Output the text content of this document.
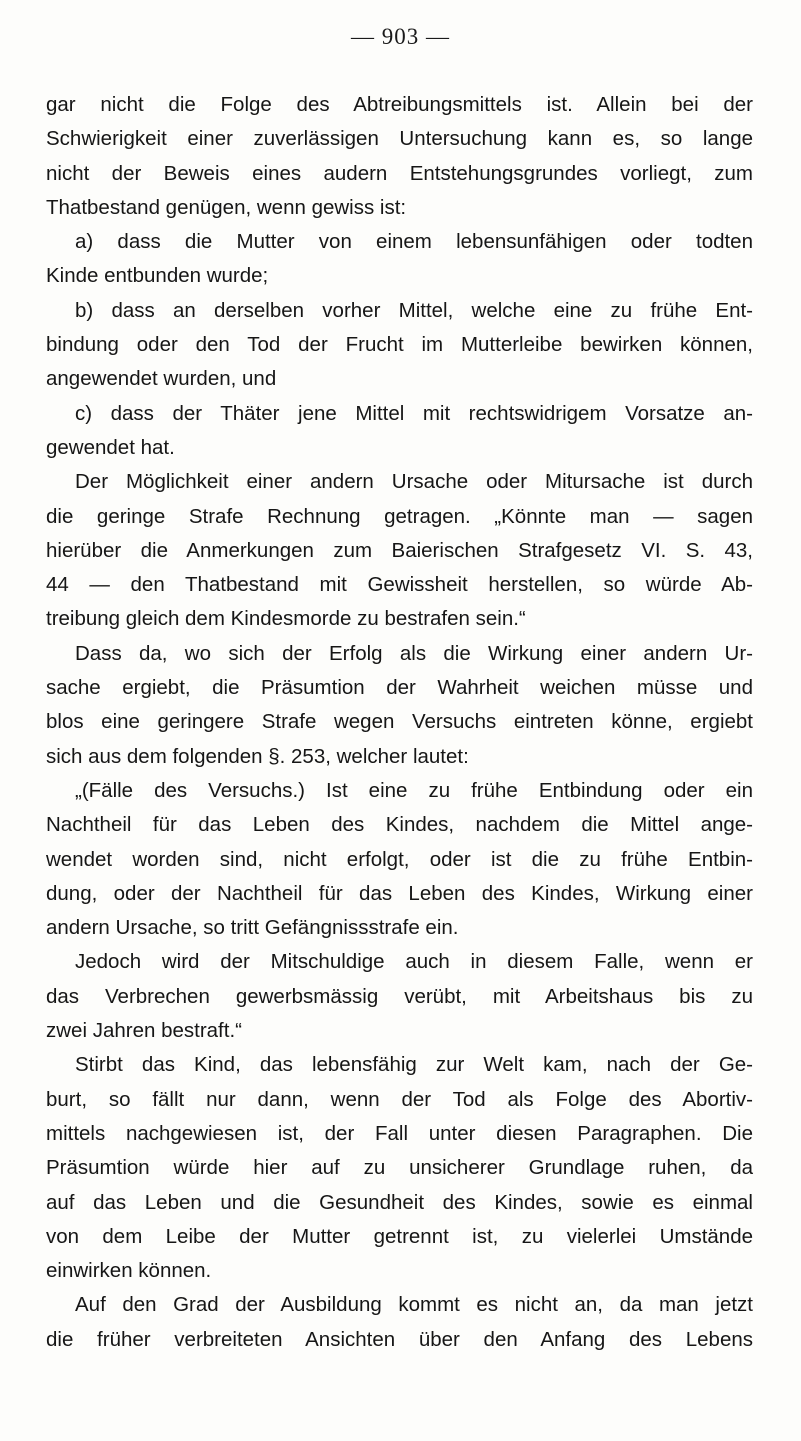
— 903 —
gar nicht die Folge des Abtreibungsmittels ist. Allein bei der
Schwierigkeit einer zuverlässigen Untersuchung kann es, so lange
nicht der Beweis eines audern Entstehungsgrundes vorliegt, zum
Thatbestand genügen, wenn gewiss ist:
a) dass die Mutter von einem lebensunfähigen oder todten
Kinde entbunden wurde;
b) dass an derselben vorher Mittel, welche eine zu frühe Ent-
bindung oder den Tod der Frucht im Mutterleibe bewirken können,
angewendet wurden, und
c) dass der Thäter jene Mittel mit rechtswidrigem Vorsatze an-
gewendet hat.
Der Möglichkeit einer andern Ursache oder Mitursache ist durch
die geringe Strafe Rechnung getragen. „Könnte man — sagen
hierüber die Anmerkungen zum Baierischen Strafgesetz VI. S. 43,
44 — den Thatbestand mit Gewissheit herstellen, so würde Ab-
treibung gleich dem Kindesmorde zu bestrafen sein.“
Dass da, wo sich der Erfolg als die Wirkung einer andern Ur-
sache ergiebt, die Präsumtion der Wahrheit weichen müsse und
blos eine geringere Strafe wegen Versuchs eintreten könne, ergiebt
sich aus dem folgenden §. 253, welcher lautet:
„(Fälle des Versuchs.) Ist eine zu frühe Entbindung oder ein
Nachtheil für das Leben des Kindes, nachdem die Mittel ange-
wendet worden sind, nicht erfolgt, oder ist die zu frühe Entbin-
dung, oder der Nachtheil für das Leben des Kindes, Wirkung einer
andern Ursache, so tritt Gefängnissstrafe ein.
Jedoch wird der Mitschuldige auch in diesem Falle, wenn er
das Verbrechen gewerbsmässig verübt, mit Arbeitshaus bis zu
zwei Jahren bestraft.“
Stirbt das Kind, das lebensfähig zur Welt kam, nach der Ge-
burt, so fällt nur dann, wenn der Tod als Folge des Abortiv-
mittels nachgewiesen ist, der Fall unter diesen Paragraphen. Die
Präsumtion würde hier auf zu unsicherer Grundlage ruhen, da
auf das Leben und die Gesundheit des Kindes, sowie es einmal
von dem Leibe der Mutter getrennt ist, zu vielerlei Umstände
einwirken können.
Auf den Grad der Ausbildung kommt es nicht an, da man jetzt
die früher verbreiteten Ansichten über den Anfang des Lebens
